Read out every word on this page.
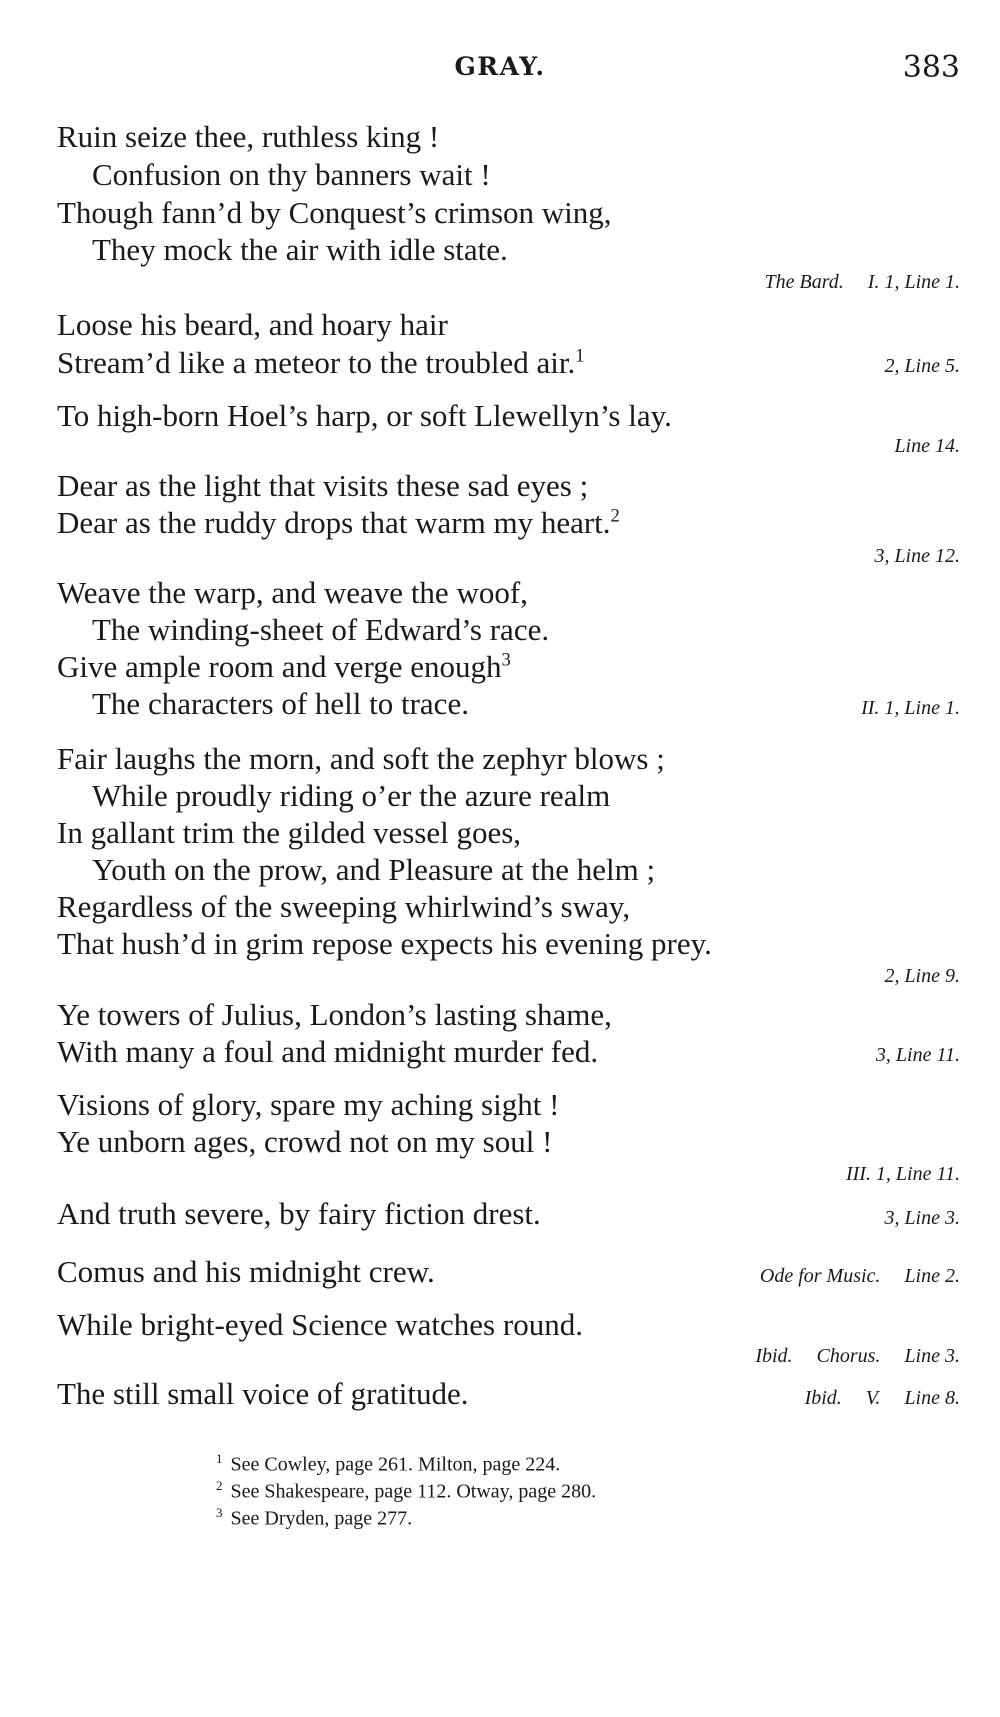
GRAY.	383
Ruin seize thee, ruthless king !
Confusion on thy banners wait !
Though fann’d by Conquest’s crimson wing,
They mock the air with idle state.
The Bard. I. 1, Line 1.
Loose his beard, and hoary hair
Stream’d like a meteor to the troubled air.$^1$	2, Line 5.
To high-born Hoel’s harp, or soft Llewellyn’s lay.
Line 14.
Dear as the light that visits these sad eyes ;
Dear as the ruddy drops that warm my heart.$^2$
3, Line 12.
Weave the warp, and weave the woof,
The winding-sheet of Edward’s race.
Give ample room and verge enough$^3$
The characters of hell to trace.	II. 1, Line 1.
Fair laughs the morn, and soft the zephyr blows ;
While proudly riding o’er the azure realm
In gallant trim the gilded vessel goes,
Youth on the prow, and Pleasure at the helm ;
Regardless of the sweeping whirlwind’s sway,
That hush’d in grim repose expects his evening prey.
2, Line 9.
Ye towers of Julius, London’s lasting shame,
With many a foul and midnight murder fed.	3, Line 11.
Visions of glory, spare my aching sight !
Ye unborn ages, crowd not on my soul !
III. 1, Line 11.
And truth severe, by fairy fiction drest.	3, Line 3.
Comus and his midnight crew.	Ode for Music. Line 2.
While bright-eyed Science watches round.
Ibid. Chorus. Line 3.
The still small voice of gratitude.	Ibid. V. Line 8.
$^1$ See Cowley, page 261. Milton, page 224.
$^2$ See Shakespeare, page 112. Otway, page 280.
$^3$ See Dryden, page 277.
